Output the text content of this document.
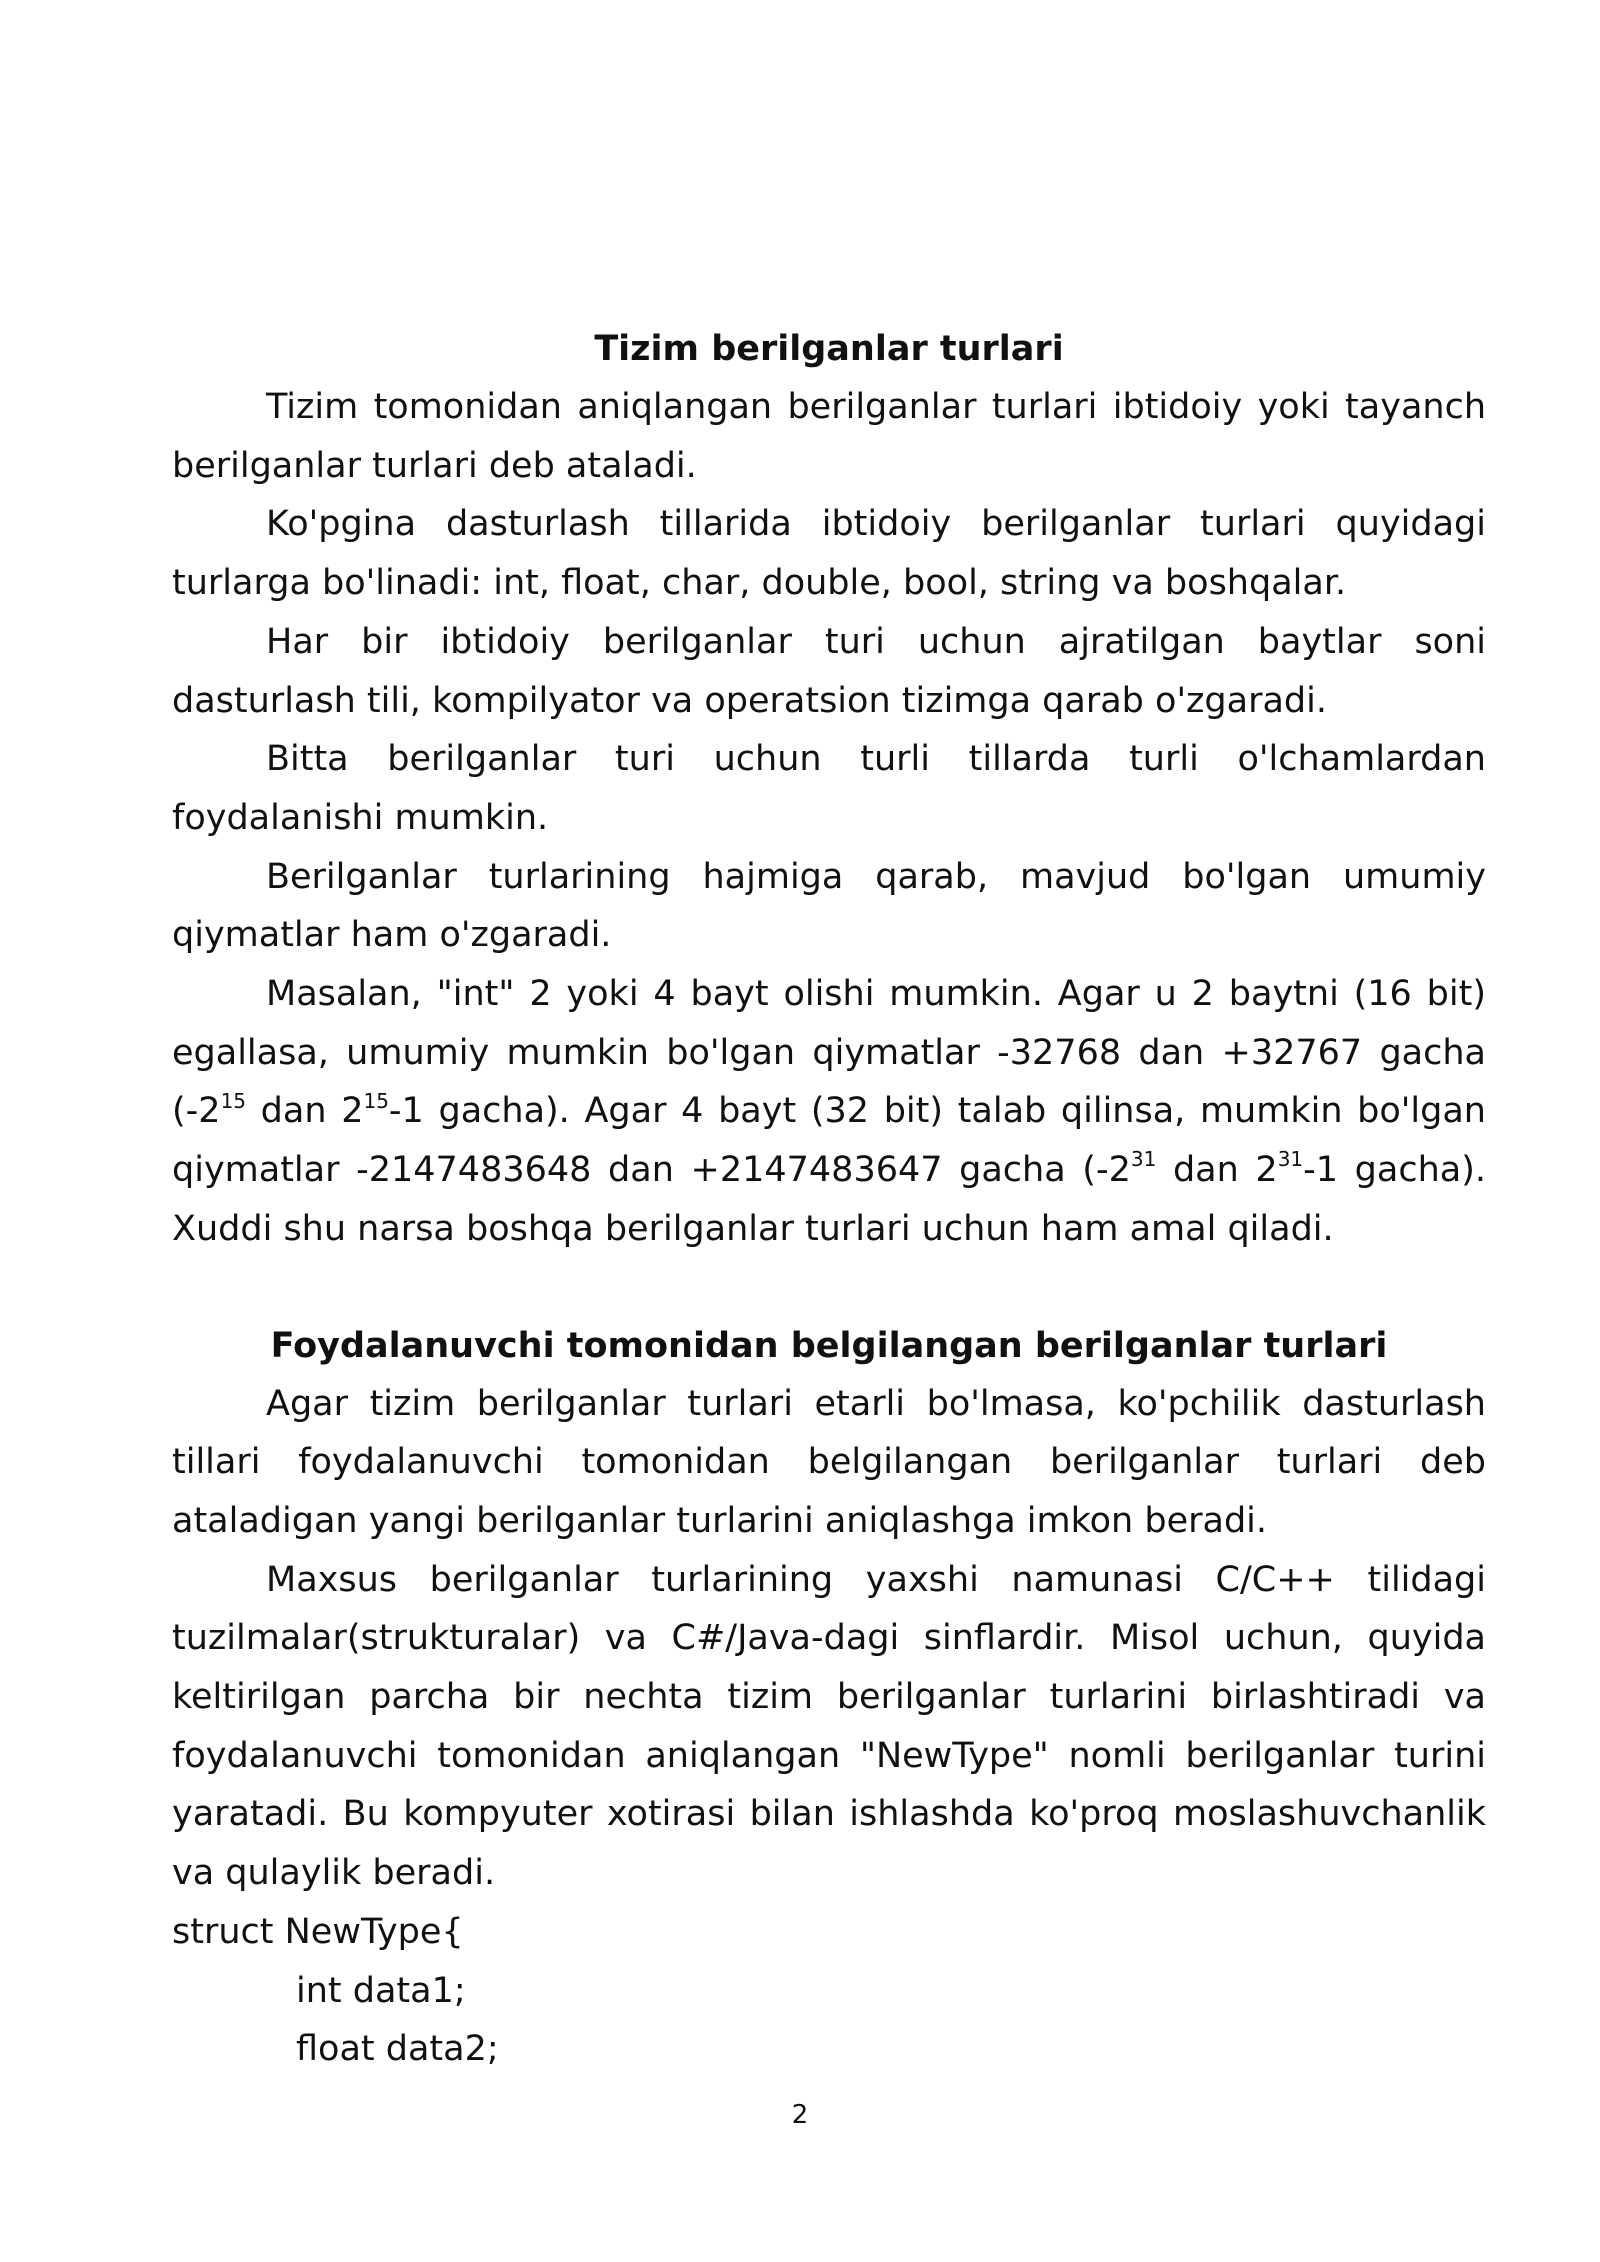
Tizim berilganlar turlari

Tizim tomonidan aniqlangan berilganlar turlari ibtidoiy yoki tayanch berilganlar turlari deb ataladi.

Ko'pgina dasturlash tillarida ibtidoiy berilganlar turlari quyidagi turlarga bo'linadi: int, float, char, double, bool, string va boshqalar.

Har bir ibtidoiy berilganlar turi uchun ajratilgan baytlar soni dasturlash tili, kompilyator va operatsion tizimga qarab o'zgaradi.

Bitta berilganlar turi uchun turli tillarda turli o'lchamlardan foydalanishi mumkin.

Berilganlar turlarining hajmiga qarab, mavjud bo'lgan umumiy qiymatlar ham o'zgaradi.

Masalan, "int" 2 yoki 4 bayt olishi mumkin. Agar u 2 baytni (16 bit) egallasa, umumiy mumkin bo'lgan qiymatlar -32768 dan +32767 gacha ($-2^{15}$ dan $2^{15}-1$ gacha). Agar 4 bayt (32 bit) talab qilinsa, mumkin bo'lgan qiymatlar -2147483648 dan +2147483647 gacha ($-2^{31}$ dan $2^{31}-1$ gacha). Xuddi shu narsa boshqa berilganlar turlari uchun ham amal qiladi.

Foydalanuvchi tomonidan belgilangan berilganlar turlari

Agar tizim berilganlar turlari etarli bo'lmasa, ko'pchilik dasturlash tillari foydalanuvchi tomonidan belgilangan berilganlar turlari deb ataladigan yangi berilganlar turlarini aniqlashga imkon beradi.

Maxsus berilganlar turlarining yaxshi namunasi C/C++ tilidagi tuzilmalar(strukturalar) va C#/Java-dagi sinflardir. Misol uchun, quyida keltirilgan parcha bir nechta tizim berilganlar turlarini birlashtiradi va foydalanuvchi tomonidan aniqlangan "NewType" nomli berilganlar turini yaratadi. Bu kompyuter xotirasi bilan ishlashda ko'proq moslashuvchanlik va qulaylik beradi.

struct NewType{
int data1;
float data2;
2
